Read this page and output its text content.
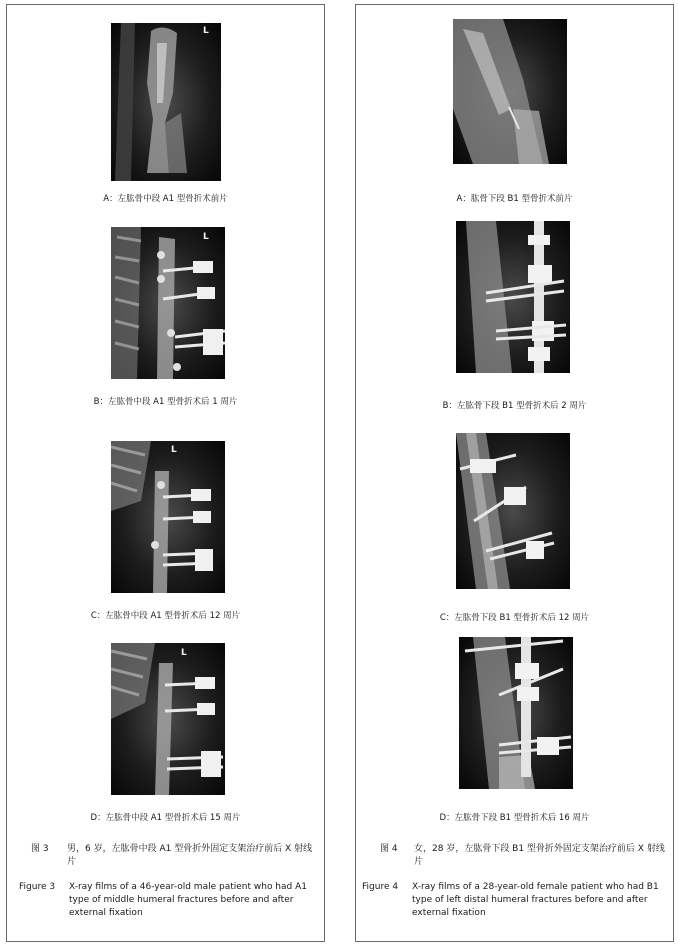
L
A：左肱骨中段 A1 型骨折术前片
L
B：左肱骨中段 A1 型骨折术后 1 周片
L
C：左肱骨中段 A1 型骨折术后 12 周片
L
D：左肱骨中段 A1 型骨折术后 15 周片
图 3 男，6 岁，左肱骨中段 A1 型骨折外固定支架治疗前后 X 射线片
Figure 3 X-ray films of a 46-year-old male patient who had A1 type of middle humeral fractures before and after external fixation
A：肱骨下段 B1 型骨折术前片
B：左肱骨下段 B1 型骨折术后 2 周片
C：左肱骨下段 B1 型骨折术后 12 周片
D：左肱骨下段 B1 型骨折术后 16 周片
图 4 女，28 岁，左肱骨下段 B1 型骨折外固定支架治疗前后 X 射线片
Figure 4 X-ray films of a 28-year-old female patient who had B1 type of left distal humeral fractures before and after external fixation
